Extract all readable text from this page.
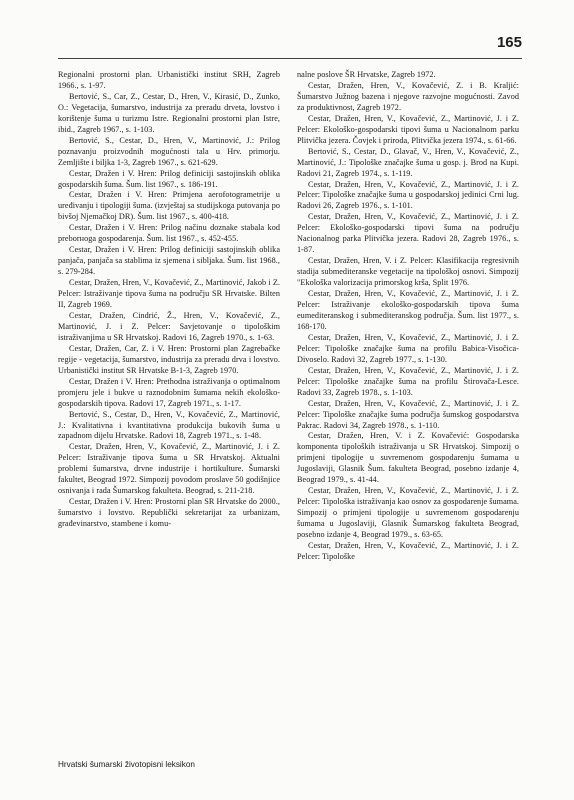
165

Regionalni prostorni plan. Urbanistički institut SRH, Zagreb 1966., s. 1-97.

Bertović, S., Car, Z., Cestar, D., Hren, V., Kirasić, D., Zunko, O.: Vegetacija, šumarstvo, industrija za preradu drveta, lovstvo i korištenje šuma u turizmu Istre. Regionalni prostorni plan Istre, ibid., Zagreb 1967., s. 1-103.

Bertović, S., Cestar, D., Hren, V., Martinović, J.: Prilog poznavanju proizvodnih mogućnosti tala u Hrv. primorju. Zemljište i biljka 1-3, Zagreb 1967., s. 621-629.

Cestar, Dražen i V. Hren: Prilog definiciji sastojinskih oblika gospodarskih šuma. Šum. list 1967., s. 186-191.

Cestar, Dražen i V. Hren: Primjena aerofotogrametrije u uređivanju i tipologiji šuma. (izvještaj sa studijskoga putovanja po bivšoj Njemačkoj DR). Šum. list 1967., s. 400-418.

Cestar, Dražen i V. Hren: Prilog načinu doznake stabala kod preborноga gospodarenja. Šum. list 1967., s. 452-455.

Cestar, Dražen i V. Hren: Prilog definiciji sastojinskih oblika panjača, panjača sa stablima iz sjemena i sibljaka. Šum. list 1968., s. 279-284.

Cestar, Dražen, Hren, V., Kovačević, Z., Martinović, Jakob i Z. Pelcer: Istraživanje tipova šuma na području SR Hrvatske. Bilten II, Zagreb 1969.

Cestar, Dražen, Cindrić, Ž., Hren, V., Kovačević, Z., Martinović, J. i Z. Pelcer: Savjetovanje o tipološkim istraživanjima u SR Hrvatskoj. Radovi 16, Zagreb 1970., s. 1-63.

Cestar, Dražen, Car, Z. i V. Hren: Prostorni plan Zagrebačke regije - vegetacija, šumarstvo, industrija za preradu drva i lovstvo. Urbanistički institut SR Hrvatske B-1-3, Zagreb 1970.

Cestar, Dražen i V. Hren: Prethodna istraživanja o optimalnom promjeru jele i bukve u raznodobnim šumama nekih ekološko-gospodarskih tipova. Radovi 17, Zagreb 1971., s. 1-17.

Bertović, S., Cestar, D., Hren, V., Kovačević, Z., Martinović, J.: Kvalitativna i kvantitativna produkcija bukovih šuma u zapadnom dijelu Hrvatske. Radovi 18, Zagreb 1971., s. 1-48.

Cestar, Dražen, Hren, V., Kovačević, Z., Martinović, J. i Z. Pelcer: Istraživanje tipova šuma u SR Hrvatskoj. Aktualni problemi šumarstva, drvne industrije i hortikulture. Šumarski fakultet, Beograd 1972. Simpozij povodom proslave 50 godišnjice osnivanja i rada Šumarskog fakulteta. Beograd, s. 211-218.

Cestar, Dražen i V. Hren: Prostorni plan SR Hrvatske do 2000., šumarstvo i lovstvo. Republički sekretarijat za urbanizam, građevinarstvo, stambene i komu-

nalne poslove ŠR Hrvatske, Zagreb 1972.

Cestar, Dražen, Hren, V., Kovačević, Z. i B. Kraljić: Šumarstvo Južnog bazena i njegove razvojne mogućnosti. Zavod za produktivnost, Zagreb 1972.

Cestar, Dražen, Hren, V., Kovačević, Z., Martinović, J. i Z. Pelcer: Ekološko-gospodarski tipovi šuma u Nacionalnom parku Plitvička jezera. Čovjek i priroda, Plitvička jezera 1974., s. 61-66.

Bertović, S., Cestar, D., Glavač, V., Hren, V., Kovačević, Z., Martinović, J.: Tipološke značajke šuma u gosp. j. Brod na Kupi. Radovi 21, Zagreb 1974., s. 1-119.

Cestar, Dražen, Hren, V., Kovačević, Z., Martinović, J. i Z. Pelcer: Tipološke značajke šuma u gospodarskoj jedinici Crni lug. Radovi 26, Zagreb 1976., s. 1-101.

Cestar, Dražen, Hren, V., Kovačević, Z., Martinović, J. i Z. Pelcer: Ekološko-gospodarski tipovi šuma na području Nacionalnog parka Plitvička jezera. Radovi 28, Zagreb 1976., s. 1-87.

Cestar, Dražen, Hren, V. i Z. Pelcer: Klasifikacija regresivnih stadija submediteranske vegetacije na tipološkoj osnovi. Simpozij "Ekološka valorizacija primorskog krša, Split 1976.

Cestar, Dražen, Hren, V., Kovačević, Z., Martinović, J. i Z. Pelcer: Istraživanje ekološko-gospodarskih tipova šuma eumediteranskog i submediteranskog područja. Šum. list 1977., s. 168-170.

Cestar, Dražen, Hren, V., Kovačević, Z., Martinović, J. i Z. Pelcer: Tipološke značajke šuma na profilu Babica-Visočica-Divoselo. Radovi 32, Zagreb 1977., s. 1-130.

Cestar, Dražen, Hren, V., Kovačević, Z., Martinović, J. i Z. Pelcer: Tipološke značajke šuma na profilu Štirovača-Lesce. Radovi 33, Zagreb 1978., s. 1-103.

Cestar, Dražen, Hren, V., Kovačević, Z., Martinović, J. i Z. Pelcer: Tipološke značajke šuma područja šumskog gospodarstva Pakrac. Radovi 34, Zagreb 1978., s. 1-110.

Cestar, Dražen, Hren, V. i Z. Kovačević: Gospodarska komponenta tipoloških istraživanja u SR Hrvatskoj. Simpozij o primjeni tipologije u suvremenom gospodarenju šumama u Jugoslaviji, Glasnik Šum. fakulteta Beograd, posebno izdanje 4, Beograd 1979., s. 41-44.

Cestar, Dražen, Hren, V., Kovačević, Z., Martinović, J. i Z. Pelcer: Tipološka istraživanja kao osnov za gospodarenje šumama. Simpozij o primjeni tipologije u suvremenom gospodarenju šumama u Jugoslaviji, Glasnik Šumarskog fakulteta Beograd, posebno izdanje 4, Beograd 1979., s. 63-65.

Cestar, Dražen, Hren, V., Kovačević, Z., Martinović, J. i Z. Pelcer: Tipološke

Hrvatski šumarski životopisni leksikon
